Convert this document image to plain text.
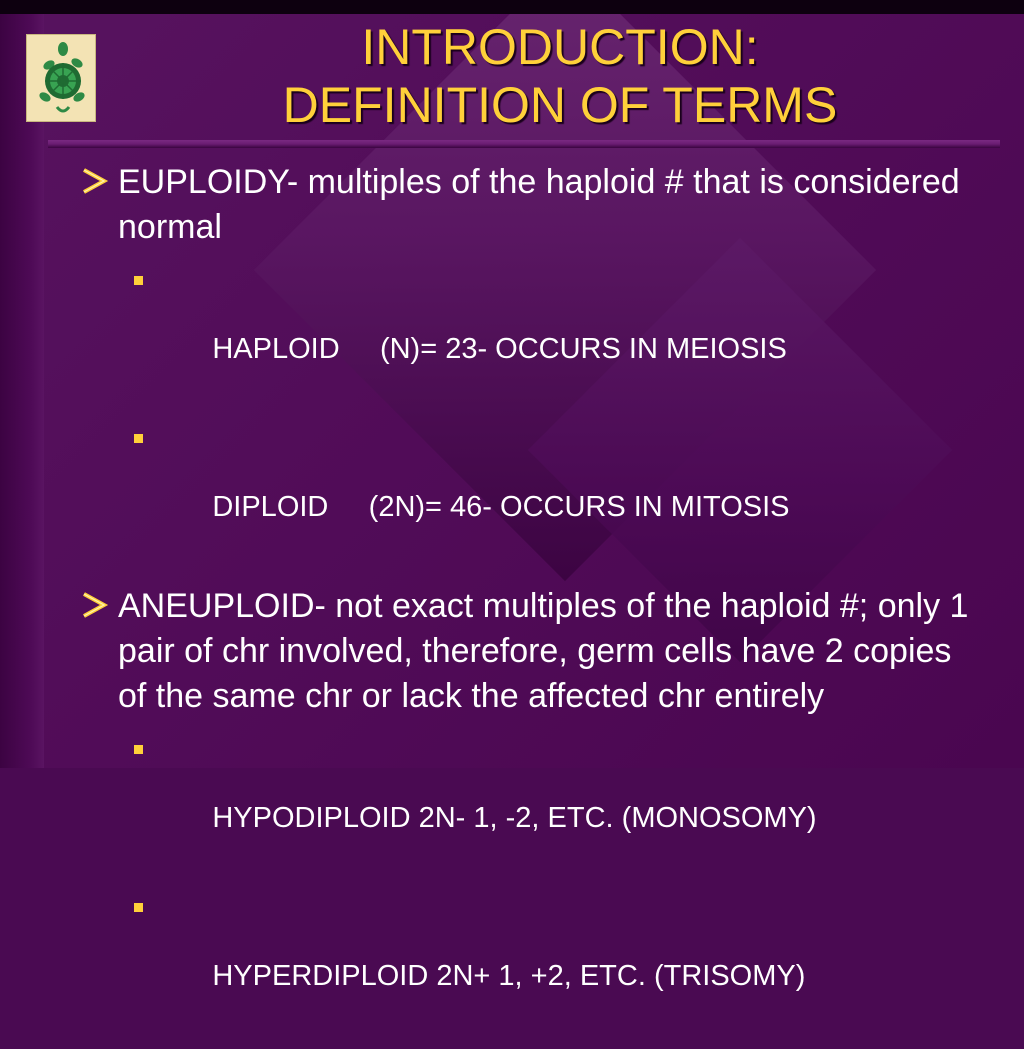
INTRODUCTION:
DEFINITION OF TERMS
EUPLOIDY- multiples of the haploid # that is considered normal

HAPLOID     (N)= 23- OCCURS IN MEIOSIS

DIPLOID     (2N)= 46- OCCURS IN MITOSIS

ANEUPLOID- not exact multiples of the haploid #; only 1 pair of chr involved, therefore, germ cells have 2 copies of the same chr or lack the affected chr entirely

HYPODIPLOID 2N- 1, -2, ETC. (MONOSOMY)

HYPERDIPLOID 2N+ 1, +2, ETC. (TRISOMY)
